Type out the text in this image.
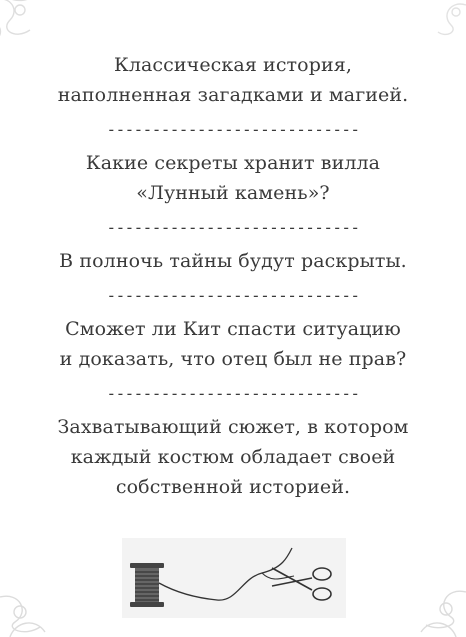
Классическая история,
наполненная загадками и магией.

----------------------------

Какие секреты хранит вилла
«Лунный камень»?

----------------------------

В полночь тайны будут раскрыты.

----------------------------

Сможет ли Кит спасти ситуацию
и доказать, что отец был не прав?

----------------------------

Захватывающий сюжет, в котором
каждый костюм обладает своей
собственной историей.
